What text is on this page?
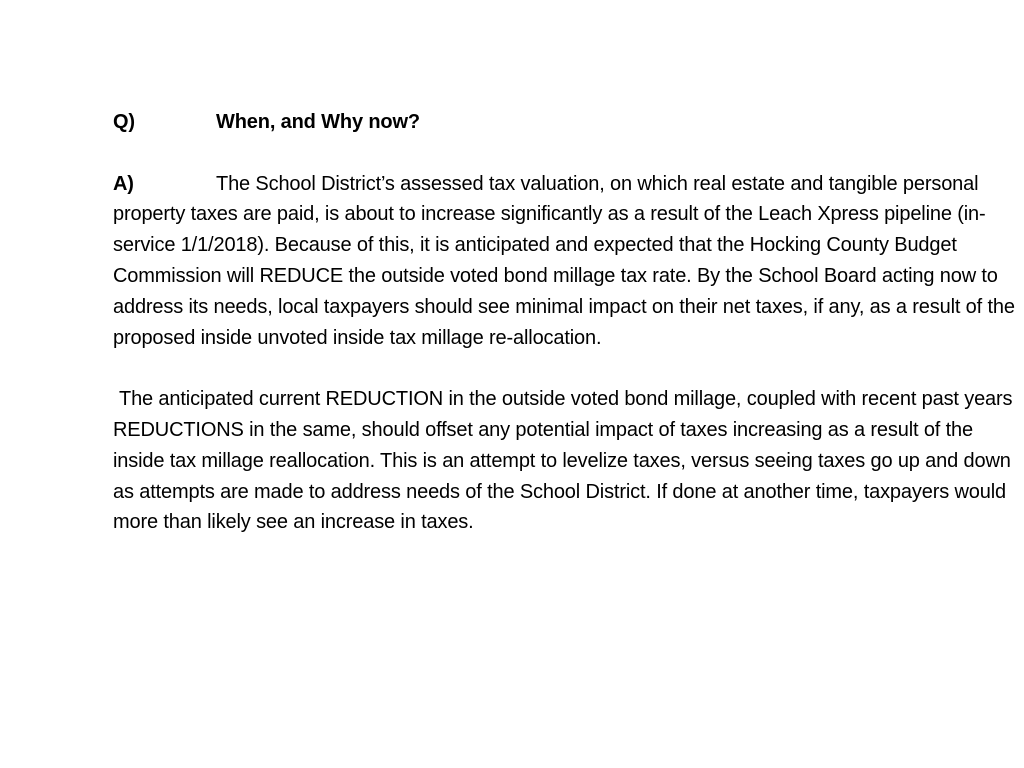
Q)	When, and Why now?
A)	The School District’s assessed tax valuation, on which real estate and tangible personal property taxes are paid, is about to increase significantly as a result of the Leach Xpress pipeline (in-service 1/1/2018). Because of this, it is anticipated and expected that the Hocking County Budget Commission will REDUCE the outside voted bond millage tax rate. By the School Board acting now to address its needs, local taxpayers should see minimal impact on their net taxes, if any, as a result of the proposed inside unvoted inside tax millage re-allocation.
The anticipated current REDUCTION in the outside voted bond millage, coupled with recent past years REDUCTIONS in the same, should offset any potential impact of taxes increasing as a result of the inside tax millage reallocation. This is an attempt to levelize taxes, versus seeing taxes go up and down as attempts are made to address needs of the School District. If done at another time, taxpayers would more than likely see an increase in taxes.
